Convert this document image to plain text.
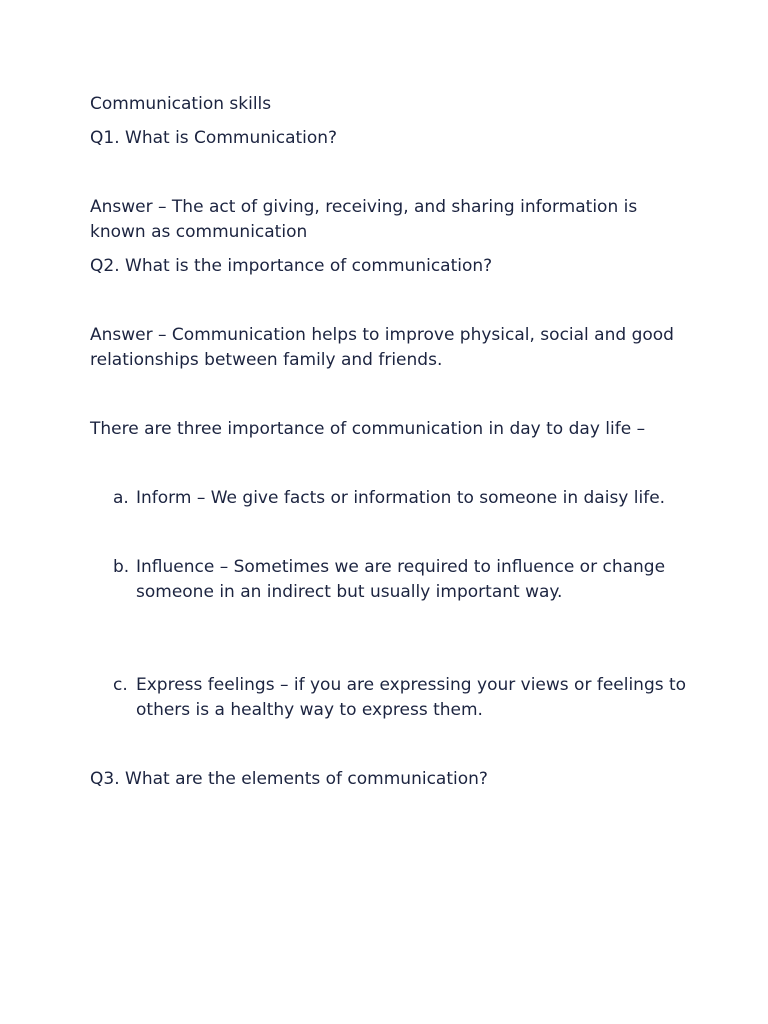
Communication skills

Q1. What is Communication?

Answer – The act of giving, receiving, and sharing information is known as communication

Q2. What is the importance of communication?

Answer – Communication helps to improve physical, social and good relationships between family and friends.

There are three importance of communication in day to day life –

a. Inform – We give facts or information to someone in daisy life.
b. Influence – Sometimes we are required to influence or change someone in an indirect but usually important way.
c. Express feelings – if you are expressing your views or feelings to others is a healthy way to express them.

Q3. What are the elements of communication?
